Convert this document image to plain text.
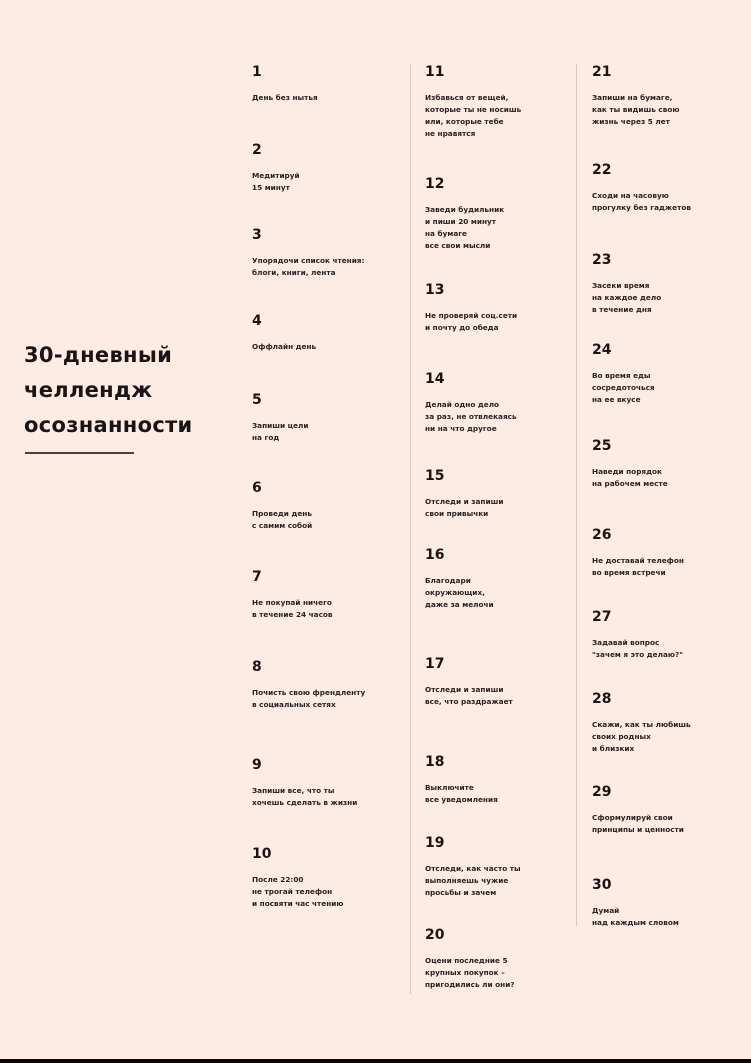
30-дневный
челлендж
осознанности
1
День без нытья
2
Медитируй
15 минут
3
Упорядочи список чтения:
блоги, книги, лента
4
Оффлайн день
5
Запиши цели
на год
6
Проведи день
с самим собой
7
Не покупай ничего
в течение 24 часов
8
Почисть свою френдленту
в социальных сетях
9
Запиши все, что ты
хочешь сделать в жизни
10
После 22:00
не трогай телефон
и посвяти час чтению
11
Избавься от вещей,
которые ты не носишь
или, которые тебе
не нравятся
12
Заведи будильник
и пиши 20 минут
на бумаге
все свои мысли
13
Не проверяй соц.сети
и почту до обеда
14
Делай одно дело
за раз, не отвлекаясь
ни на что другое
15
Отследи и запиши
свои привычки
16
Благодари
окружающих,
даже за мелочи
17
Отследи и запиши
все, что раздражает
18
Выключите
все уведомления
19
Отследи, как часто ты
выполняешь чужие
просьбы и зачем
20
Оцени последние 5
крупных покупок –
пригодились ли они?
21
Запиши на бумаге,
как ты видишь свою
жизнь через 5 лет
22
Сходи на часовую
прогулку без гаджетов
23
Засеки время
на каждое дело
в течение дня
24
Во время еды
сосредоточься
на ее вкусе
25
Наведи порядок
на рабочем месте
26
Не доставай телефон
во время встречи
27
Задавай вопрос
"зачем я это делаю?"
28
Скажи, как ты любишь
своих родных
и близких
29
Сформулируй свои
принципы и ценности
30
Думай
над каждым словом
